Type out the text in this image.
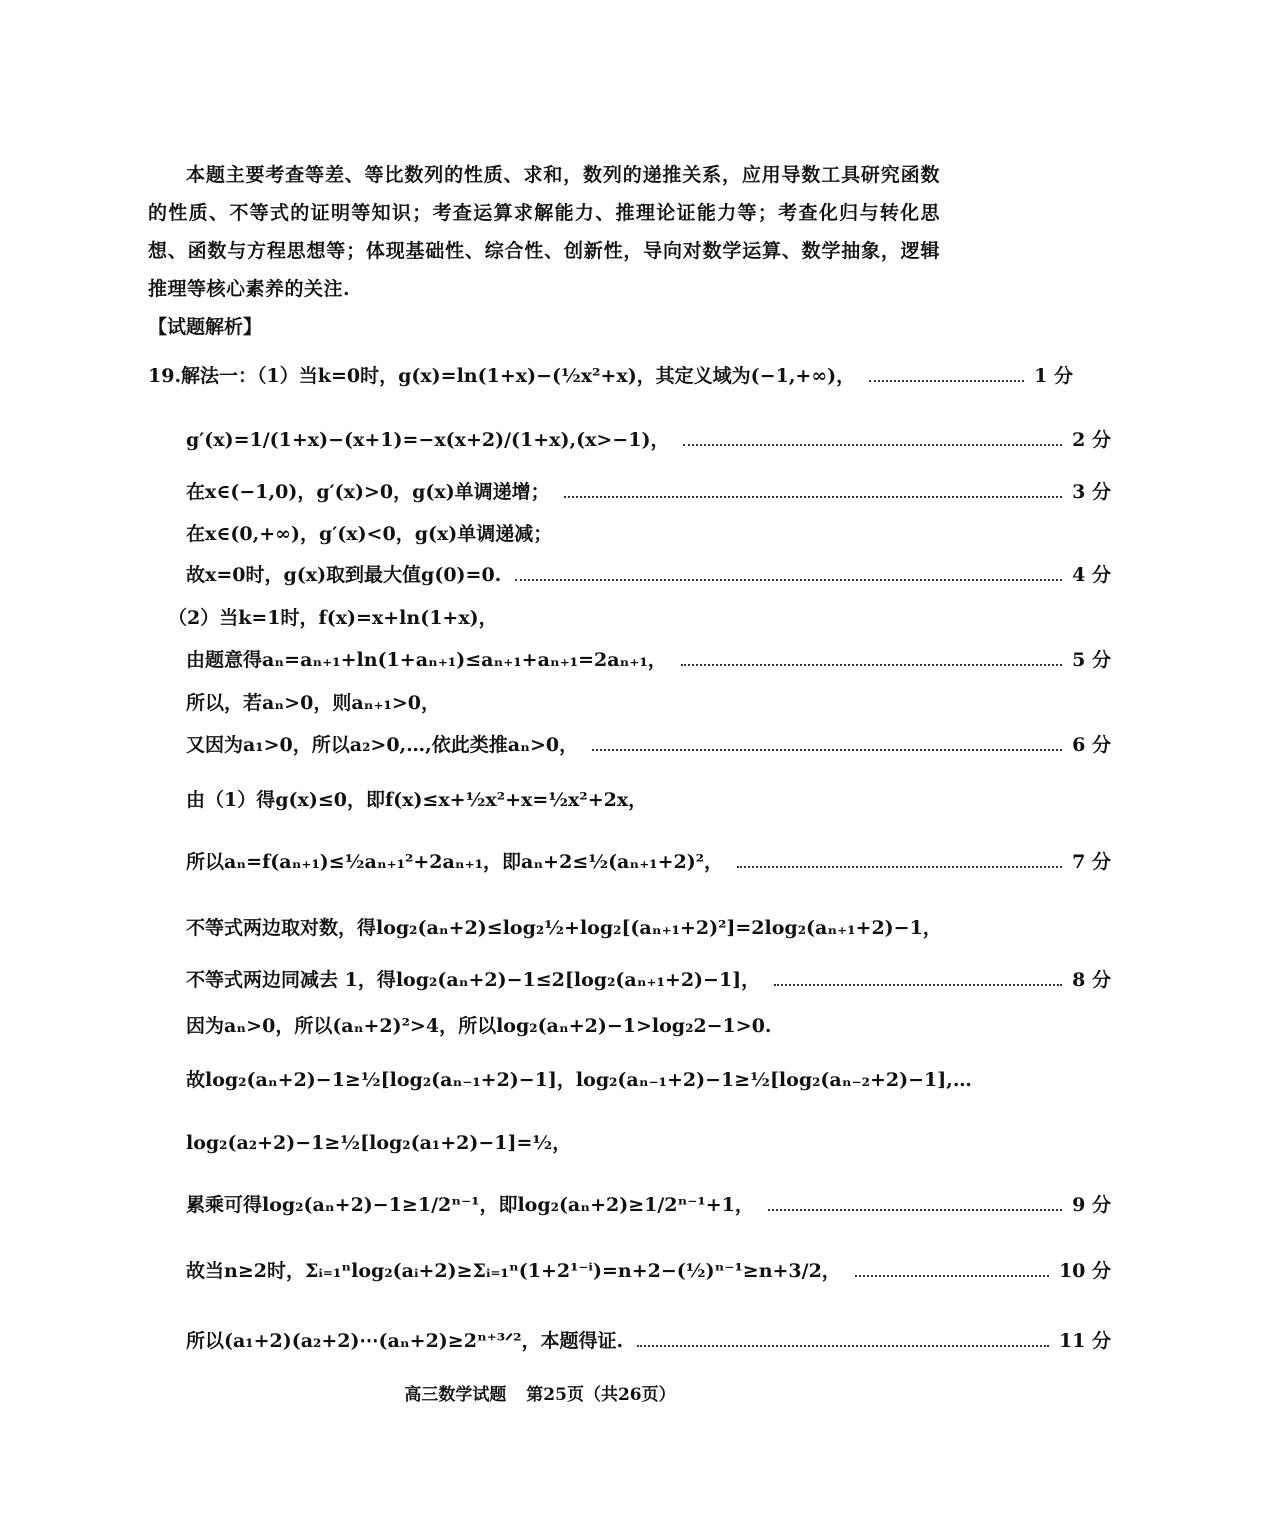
本题主要考查等差、等比数列的性质、求和，数列的递推关系，应用导数工具研究函数的性质、不等式的证明等知识；考查运算求解能力、推理论证能力等；考查化归与转化思想、函数与方程思想等；体现基础性、综合性、创新性，导向对数学运算、数学抽象，逻辑推理等核心素养的关注.
【试题解析】
19.解法一：（1）当k=0时，g(x)=ln(1+x)−(½x²+x)，其定义域为(−1,+∞)，	1 分
g′(x)=1/(1+x)−(x+1)=−x(x+2)/(1+x),(x>−1)，	2 分
在x∈(−1,0)，g′(x)>0，g(x)单调递增；	3 分
在x∈(0,+∞)，g′(x)<0，g(x)单调递减；
故x=0时，g(x)取到最大值g(0)=0.	4 分
（2）当k=1时，f(x)=x+ln(1+x)，
由题意得aₙ=aₙ₊₁+ln(1+aₙ₊₁)≤aₙ₊₁+aₙ₊₁=2aₙ₊₁，	5 分
所以，若aₙ>0，则aₙ₊₁>0，
又因为a₁>0，所以a₂>0,…,依此类推aₙ>0，	6 分
由（1）得g(x)≤0，即f(x)≤x+½x²+x=½x²+2x，
所以aₙ=f(aₙ₊₁)≤½aₙ₊₁²+2aₙ₊₁，即aₙ+2≤½(aₙ₊₁+2)²，	7 分
不等式两边取对数，得log₂(aₙ+2)≤log₂½+log₂[(aₙ₊₁+2)²]=2log₂(aₙ₊₁+2)−1，
不等式两边同减去 1，得log₂(aₙ+2)−1≤2[log₂(aₙ₊₁+2)−1]，	8 分
因为aₙ>0，所以(aₙ+2)²>4，所以log₂(aₙ+2)−1>log₂2−1>0.
故log₂(aₙ+2)−1≥½[log₂(aₙ₋₁+2)−1]，log₂(aₙ₋₁+2)−1≥½[log₂(aₙ₋₂+2)−1],…
log₂(a₂+2)−1≥½[log₂(a₁+2)−1]=½，
累乘可得log₂(aₙ+2)−1≥1/2ⁿ⁻¹，即log₂(aₙ+2)≥1/2ⁿ⁻¹+1，	9 分
故当n≥2时，Σᵢ₌₁ⁿlog₂(aᵢ+2)≥Σᵢ₌₁ⁿ(1+2¹⁻ⁱ)=n+2−(½)ⁿ⁻¹≥n+3/2，	10 分
所以(a₁+2)(a₂+2)⋯(aₙ+2)≥2ⁿ⁺³ᐟ²，本题得证.	11 分
高三数学试题 第25页（共26页）
